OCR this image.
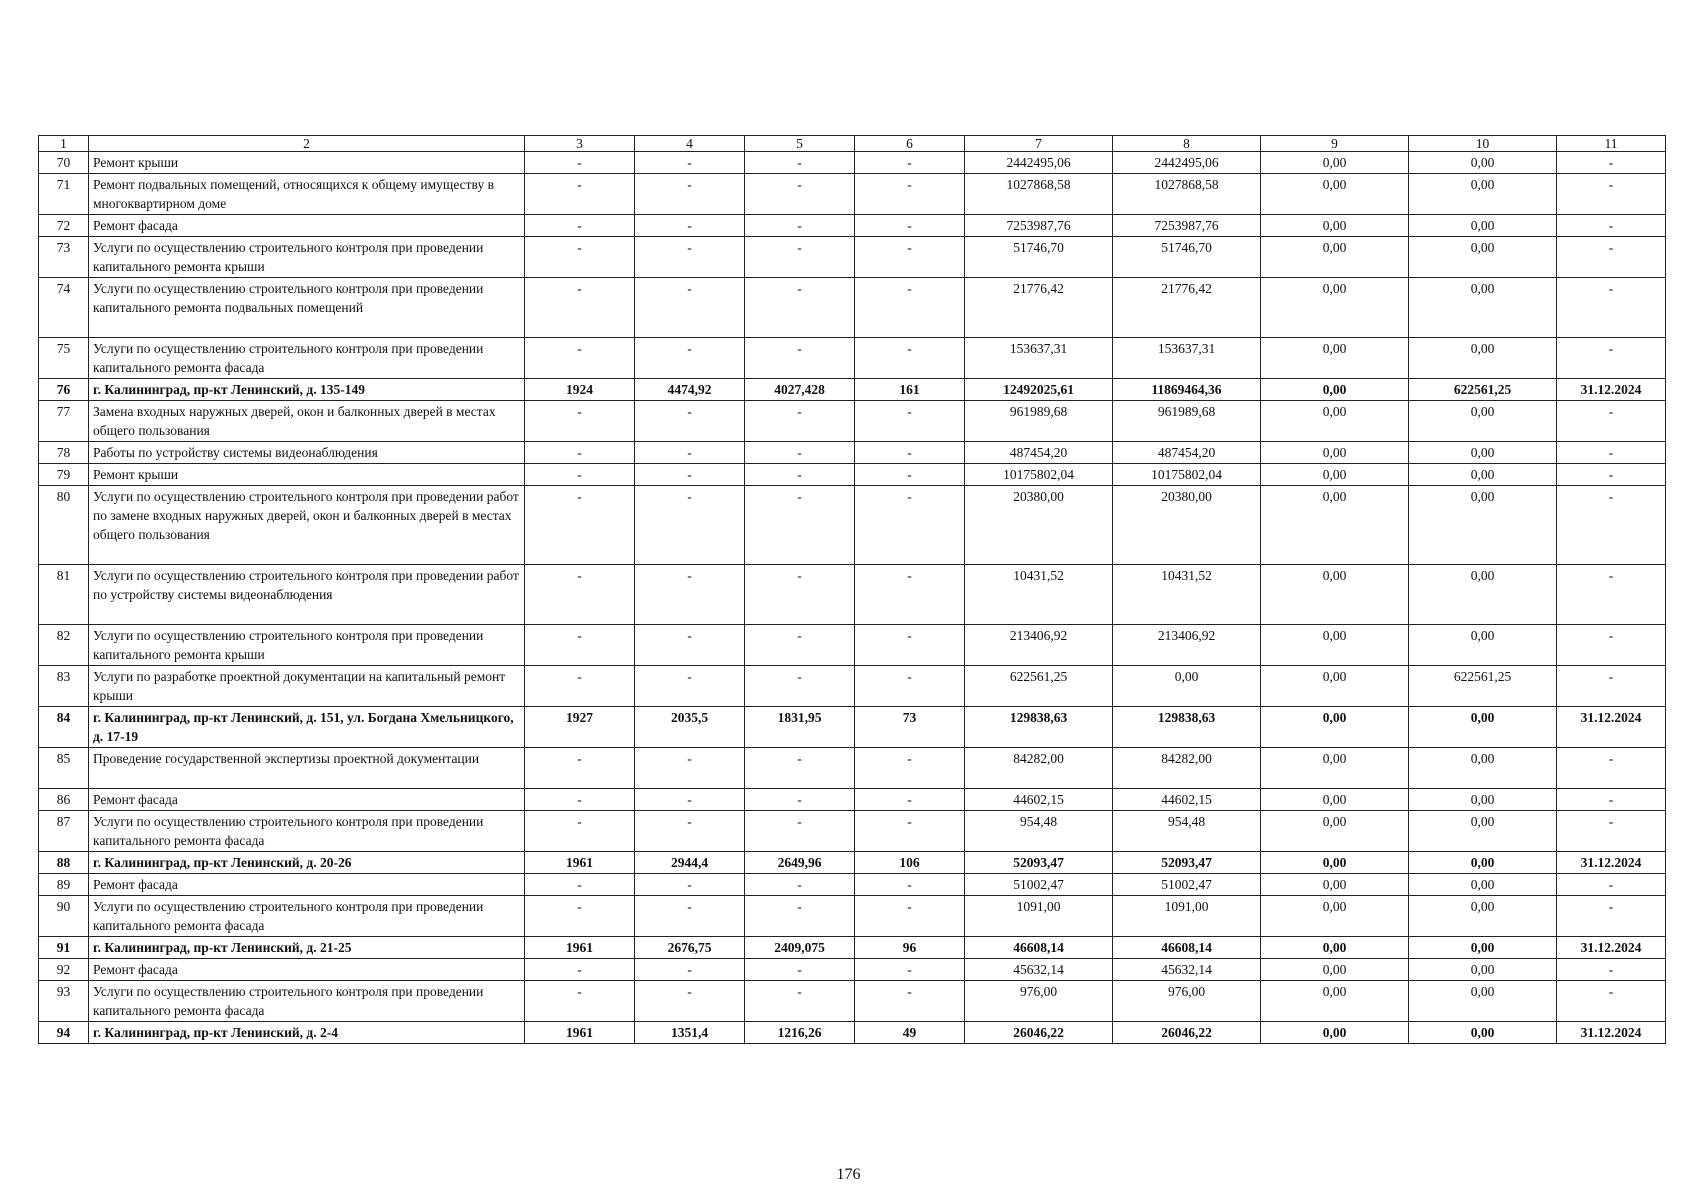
1	2	3	4	5	6	7	8	9	10	11
70	Ремонт крыши	-	-	-	-	2442495,06	2442495,06	0,00	0,00	-
71	Ремонт подвальных помещений, относящихся к общему имуществу в многоквартирном доме	-	-	-	-	1027868,58	1027868,58	0,00	0,00	-
72	Ремонт фасада	-	-	-	-	7253987,76	7253987,76	0,00	0,00	-
73	Услуги по осуществлению строительного контроля при проведении капитального ремонта крыши	-	-	-	-	51746,70	51746,70	0,00	0,00	-
74	Услуги по осуществлению строительного контроля при проведении капитального ремонта подвальных помещений	-	-	-	-	21776,42	21776,42	0,00	0,00	-
75	Услуги по осуществлению строительного контроля при проведении капитального ремонта фасада	-	-	-	-	153637,31	153637,31	0,00	0,00	-
76	г. Калининград, пр-кт Ленинский, д. 135-149	1924	4474,92	4027,428	161	12492025,61	11869464,36	0,00	622561,25	31.12.2024
77	Замена входных наружных дверей, окон и балконных дверей в местах общего пользования	-	-	-	-	961989,68	961989,68	0,00	0,00	-
78	Работы по устройству системы видеонаблюдения	-	-	-	-	487454,20	487454,20	0,00	0,00	-
79	Ремонт крыши	-	-	-	-	10175802,04	10175802,04	0,00	0,00	-
80	Услуги по осуществлению строительного контроля при проведении работ по замене входных наружных дверей, окон и балконных дверей в местах общего пользования	-	-	-	-	20380,00	20380,00	0,00	0,00	-
81	Услуги по осуществлению строительного контроля при проведении работ по устройству системы видеонаблюдения	-	-	-	-	10431,52	10431,52	0,00	0,00	-
82	Услуги по осуществлению строительного контроля при проведении капитального ремонта крыши	-	-	-	-	213406,92	213406,92	0,00	0,00	-
83	Услуги по разработке проектной документации на капитальный ремонт крыши	-	-	-	-	622561,25	0,00	0,00	622561,25	-
84	г. Калининград, пр-кт Ленинский, д. 151, ул. Богдана Хмельницкого, д. 17-19	1927	2035,5	1831,95	73	129838,63	129838,63	0,00	0,00	31.12.2024
85	Проведение государственной экспертизы проектной документации	-	-	-	-	84282,00	84282,00	0,00	0,00	-
86	Ремонт фасада	-	-	-	-	44602,15	44602,15	0,00	0,00	-
87	Услуги по осуществлению строительного контроля при проведении капитального ремонта фасада	-	-	-	-	954,48	954,48	0,00	0,00	-
88	г. Калининград, пр-кт Ленинский, д. 20-26	1961	2944,4	2649,96	106	52093,47	52093,47	0,00	0,00	31.12.2024
89	Ремонт фасада	-	-	-	-	51002,47	51002,47	0,00	0,00	-
90	Услуги по осуществлению строительного контроля при проведении капитального ремонта фасада	-	-	-	-	1091,00	1091,00	0,00	0,00	-
91	г. Калининград, пр-кт Ленинский, д. 21-25	1961	2676,75	2409,075	96	46608,14	46608,14	0,00	0,00	31.12.2024
92	Ремонт фасада	-	-	-	-	45632,14	45632,14	0,00	0,00	-
93	Услуги по осуществлению строительного контроля при проведении капитального ремонта фасада	-	-	-	-	976,00	976,00	0,00	0,00	-
94	г. Калининград, пр-кт Ленинский, д. 2-4	1961	1351,4	1216,26	49	26046,22	26046,22	0,00	0,00	31.12.2024
176
